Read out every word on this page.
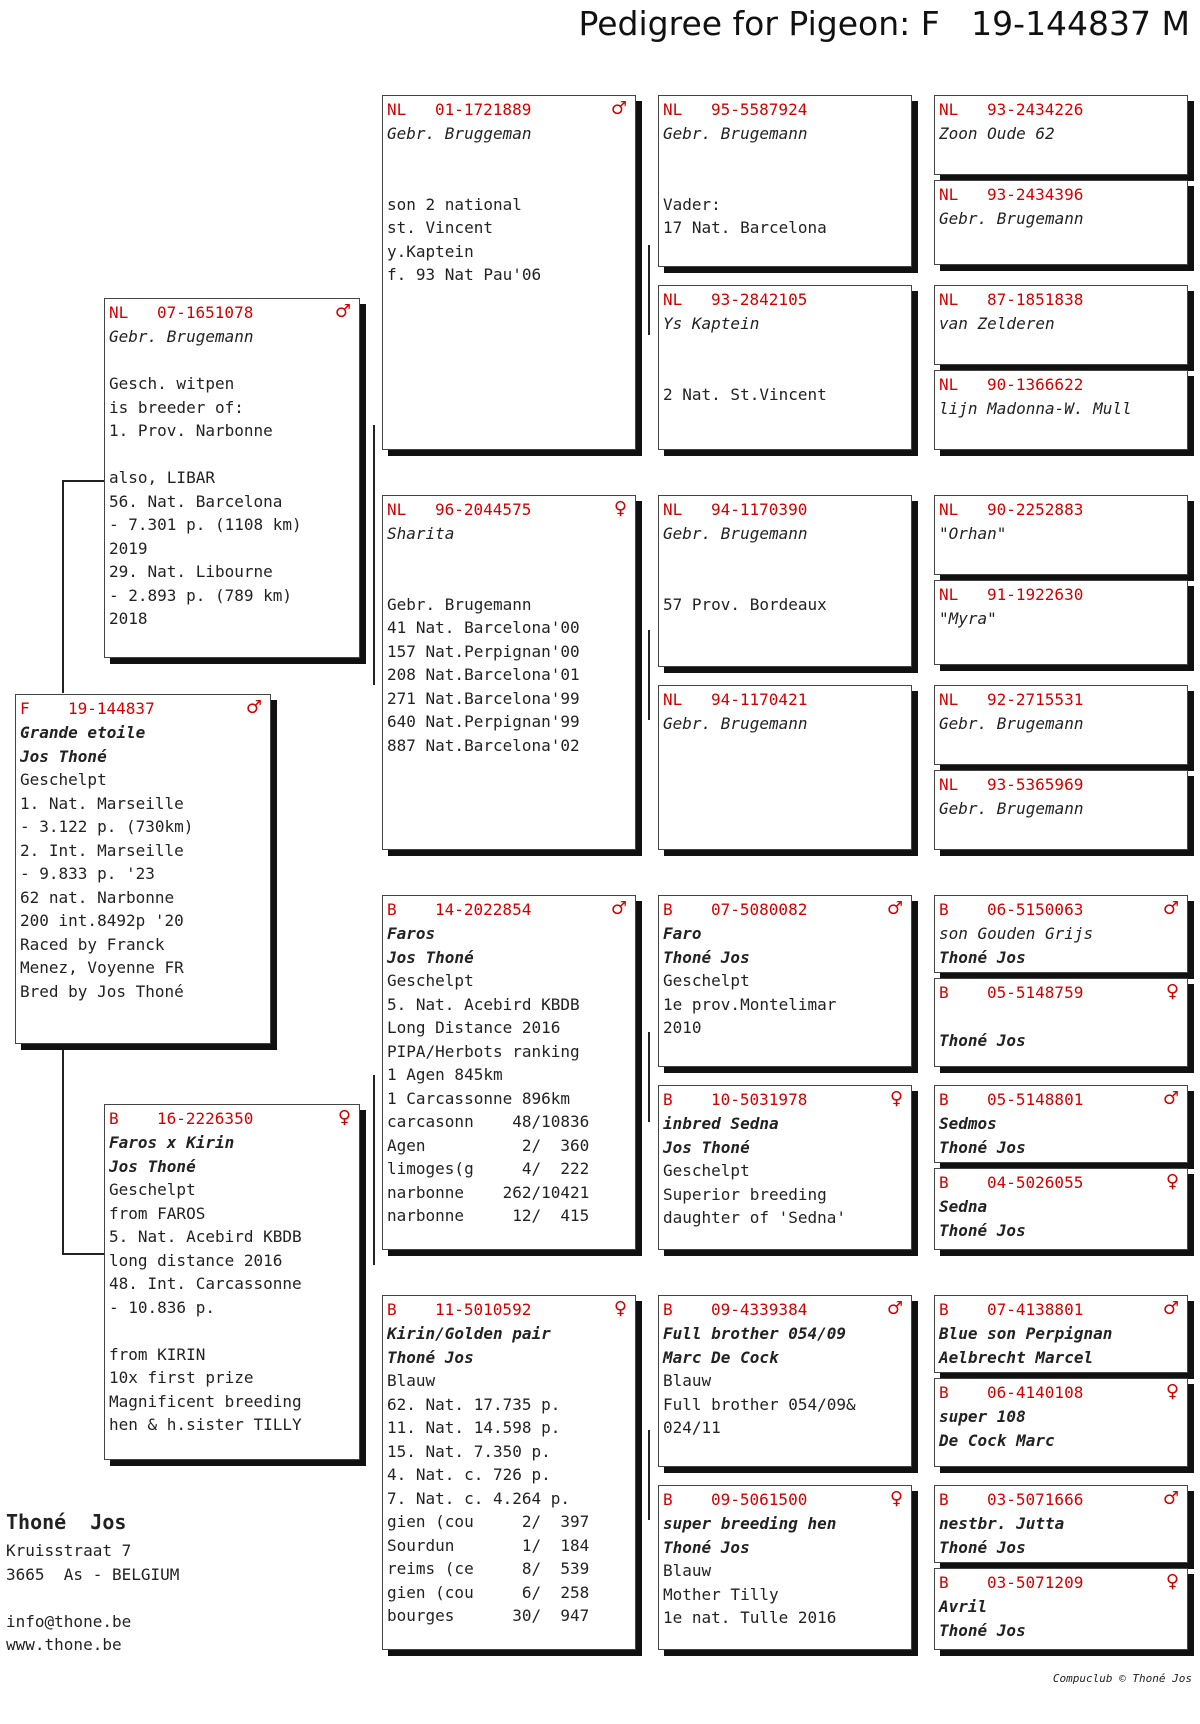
Pedigree for Pigeon: F   19-144837 M
F 19-144837	♂
Grande etoile
Jos Thoné
Geschelpt
1. Nat. Marseille
- 3.122 p. (730km)
2. Int. Marseille
- 9.833 p. '23
62 nat. Narbonne
200 int.8492p '20
Raced by Franck
Menez, Voyenne FR
Bred by Jos Thoné
NL 07-1651078	♂
Gebr. Brugemann
Gesch. witpen
is breeder of:
1. Prov. Narbonne
also, LIBAR
56. Nat. Barcelona
- 7.301 p. (1108 km)
2019
29. Nat. Libourne
- 2.893 p. (789 km)
2018
B 16-2226350	♀
Faros x Kirin
Jos Thoné
Geschelpt
from FAROS
5. Nat. Acebird KBDB
long distance 2016
48. Int. Carcassonne
- 10.836 p.
from KIRIN
10x first prize
Magnificent breeding
hen & h.sister TILLY
NL 01-1721889	♂
Gebr. Bruggeman
son 2 national
st. Vincent
y.Kaptein
f. 93 Nat Pau'06
NL 96-2044575	♀
Sharita
Gebr. Brugemann
41 Nat. Barcelona'00
157 Nat.Perpignan'00
208 Nat.Barcelona'01
271 Nat.Barcelona'99
640 Nat.Perpignan'99
887 Nat.Barcelona'02
B 14-2022854	♂
Faros
Jos Thoné
Geschelpt
5. Nat. Acebird KBDB
Long Distance 2016
PIPA/Herbots ranking
1 Agen 845km
1 Carcassonne 896km
carcasonn    48/10836
Agen          2/  360
limoges(g     4/  222
narbonne    262/10421
narbonne     12/  415
B 11-5010592	♀
Kirin/Golden pair
Thoné Jos
Blauw
62. Nat. 17.735 p.
11. Nat. 14.598 p.
15. Nat. 7.350 p.
4. Nat. c. 726 p.
7. Nat. c. 4.264 p.
gien (cou     2/  397
Sourdun       1/  184
reims (ce     8/  539
gien (cou     6/  258
bourges      30/  947
NL 95-5587924
Gebr. Brugemann
Vader:
17 Nat. Barcelona
NL 93-2842105
Ys Kaptein
2 Nat. St.Vincent
NL 94-1170390
Gebr. Brugemann
57 Prov. Bordeaux
NL 94-1170421
Gebr. Brugemann
B 07-5080082	♂
Faro
Thoné Jos
Geschelpt
1e prov.Montelimar
2010
B 10-5031978	♀
inbred Sedna
Jos Thoné
Geschelpt
Superior breeding
daughter of 'Sedna'
B 09-4339384	♂
Full brother 054/09
Marc De Cock
Blauw
Full brother 054/09&
024/11
B 09-5061500	♀
super breeding hen
Thoné Jos
Blauw
Mother Tilly
1e nat. Tulle 2016
NL 93-2434226
Zoon Oude 62
NL 93-2434396
Gebr. Brugemann
NL 87-1851838
van Zelderen
NL 90-1366622
lijn Madonna-W. Mull
NL 90-2252883
"Orhan"
NL 91-1922630
"Myra"
NL 92-2715531
Gebr. Brugemann
NL 93-5365969
Gebr. Brugemann
B 06-5150063	♂
son Gouden Grijs
Thoné Jos
B 05-5148759	♀
Thoné Jos
B 05-5148801	♂
Sedmos
Thoné Jos
B 04-5026055	♀
Sedna
Thoné Jos
B 07-4138801	♂
Blue son Perpignan
Aelbrecht Marcel
B 06-4140108	♀
super 108
De Cock Marc
B 03-5071666	♂
nestbr. Jutta
Thoné Jos
B 03-5071209	♀
Avril
Thoné Jos
Thoné  Jos
Kruisstraat 7
3665  As - BELGIUM
info@thone.be
www.thone.be
Compuclub © Thoné Jos
